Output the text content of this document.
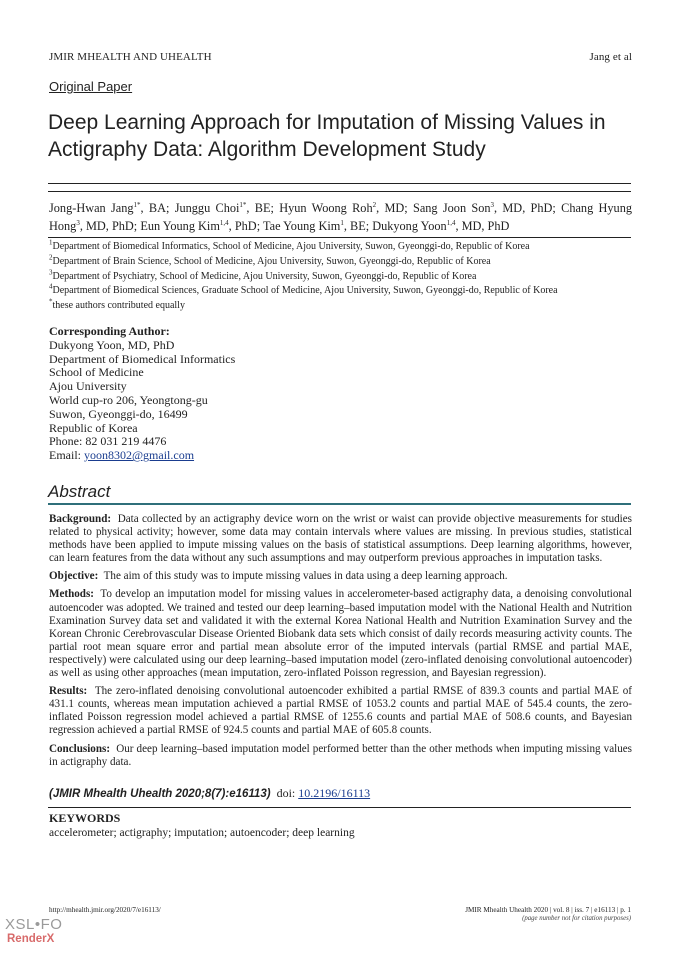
JMIR MHEALTH AND UHEALTH	Jang et al
Original Paper
Deep Learning Approach for Imputation of Missing Values in Actigraphy Data: Algorithm Development Study
Jong-Hwan Jang$^{1*}$, BA; Junggu Choi$^{1*}$, BE; Hyun Woong Roh$^2$, MD; Sang Joon Son$^3$, MD, PhD; Chang Hyung Hong$^3$, MD, PhD; Eun Young Kim$^{1,4}$, PhD; Tae Young Kim$^1$, BE; Dukyong Yoon$^{1,4}$, MD, PhD
$^1$Department of Biomedical Informatics, School of Medicine, Ajou University, Suwon, Gyeonggi-do, Republic of Korea
$^2$Department of Brain Science, School of Medicine, Ajou University, Suwon, Gyeonggi-do, Republic of Korea
$^3$Department of Psychiatry, School of Medicine, Ajou University, Suwon, Gyeonggi-do, Republic of Korea
$^4$Department of Biomedical Sciences, Graduate School of Medicine, Ajou University, Suwon, Gyeonggi-do, Republic of Korea
*these authors contributed equally
Corresponding Author:
Dukyong Yoon, MD, PhD
Department of Biomedical Informatics
School of Medicine
Ajou University
World cup-ro 206, Yeongtong-gu
Suwon, Gyeonggi-do, 16499
Republic of Korea
Phone: 82 031 219 4476
Email: yoon8302@gmail.com
Abstract

Background: Data collected by an actigraphy device worn on the wrist or waist can provide objective measurements for studies related to physical activity; however, some data may contain intervals where values are missing. In previous studies, statistical methods have been applied to impute missing values on the basis of statistical assumptions. Deep learning algorithms, however, can learn features from the data without any such assumptions and may outperform previous approaches in imputation tasks.

Objective: The aim of this study was to impute missing values in data using a deep learning approach.

Methods: To develop an imputation model for missing values in accelerometer-based actigraphy data, a denoising convolutional autoencoder was adopted. We trained and tested our deep learning–based imputation model with the National Health and Nutrition Examination Survey data set and validated it with the external Korea National Health and Nutrition Examination Survey and the Korean Chronic Cerebrovascular Disease Oriented Biobank data sets which consist of daily records measuring activity counts. The partial root mean square error and partial mean absolute error of the imputed intervals (partial RMSE and partial MAE, respectively) were calculated using our deep learning–based imputation model (zero-inflated denoising convolutional autoencoder) as well as using other approaches (mean imputation, zero-inflated Poisson regression, and Bayesian regression).

Results: The zero-inflated denoising convolutional autoencoder exhibited a partial RMSE of 839.3 counts and partial MAE of 431.1 counts, whereas mean imputation achieved a partial RMSE of 1053.2 counts and partial MAE of 545.4 counts, the zero-inflated Poisson regression model achieved a partial RMSE of 1255.6 counts and partial MAE of 508.6 counts, and Bayesian regression achieved a partial RMSE of 924.5 counts and partial MAE of 605.8 counts.

Conclusions: Our deep learning–based imputation model performed better than the other methods when imputing missing values in actigraphy data.

(JMIR Mhealth Uhealth 2020;8(7):e16113) doi: 10.2196/16113
KEYWORDS
accelerometer; actigraphy; imputation; autoencoder; deep learning
http://mhealth.jmir.org/2020/7/e16113/	JMIR Mhealth Uhealth 2020 | vol. 8 | iss. 7 | e16113 | p. 1
(page number not for citation purposes)
XSL•FO
RenderX
